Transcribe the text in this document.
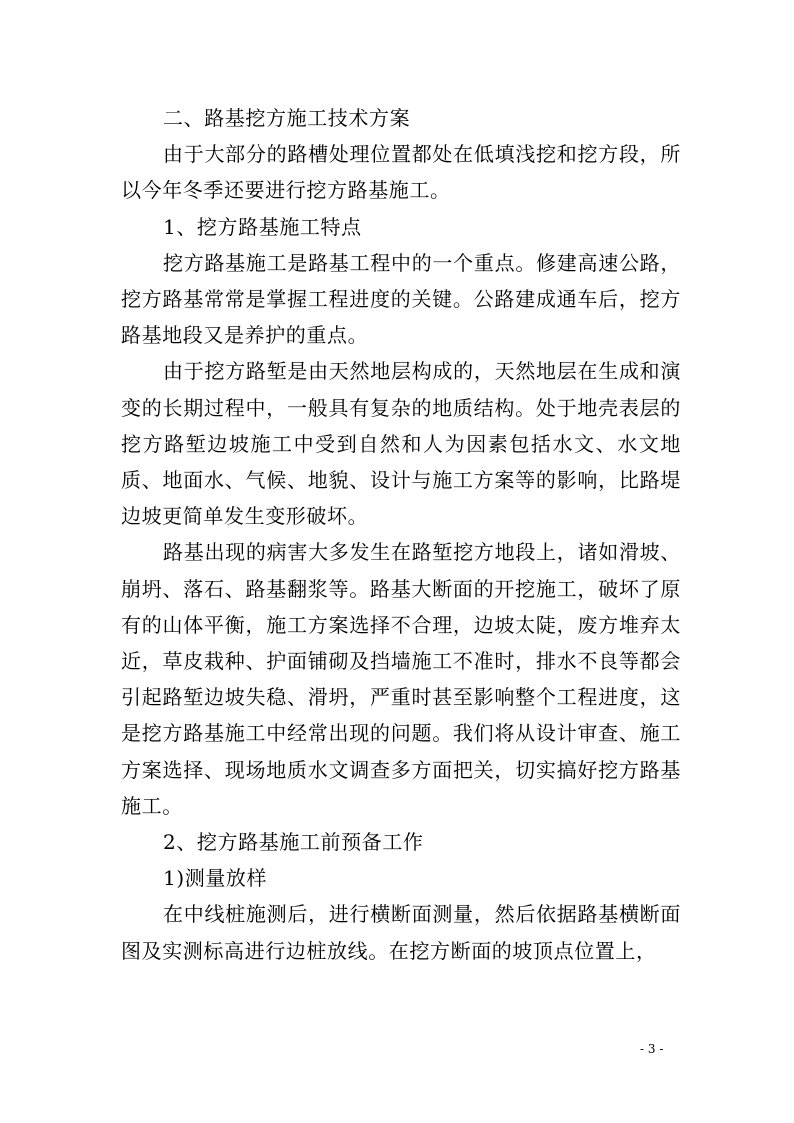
二、路基挖方施工技术方案

由于大部分的路槽处理位置都处在低填浅挖和挖方段，所以今年冬季还要进行挖方路基施工。

1、挖方路基施工特点

挖方路基施工是路基工程中的一个重点。修建高速公路，挖方路基常常是掌握工程进度的关键。公路建成通车后，挖方路基地段又是养护的重点。

由于挖方路堑是由天然地层构成的，天然地层在生成和演变的长期过程中，一般具有复杂的地质结构。处于地壳表层的挖方路堑边坡施工中受到自然和人为因素包括水文、水文地质、地面水、气候、地貌、设计与施工方案等的影响，比路堤边坡更简单发生变形破坏。

路基出现的病害大多发生在路堑挖方地段上，诸如滑坡、崩坍、落石、路基翻浆等。路基大断面的开挖施工，破坏了原有的山体平衡，施工方案选择不合理，边坡太陡，废方堆弃太近，草皮栽种、护面铺砌及挡墙施工不准时，排水不良等都会引起路堑边坡失稳、滑坍，严重时甚至影响整个工程进度，这是挖方路基施工中经常出现的问题。我们将从设计审查、施工方案选择、现场地质水文调查多方面把关，切实搞好挖方路基施工。

2、挖方路基施工前预备工作

1)测量放样

在中线桩施测后，进行横断面测量，然后依据路基横断面图及实测标高进行边桩放线。在挖方断面的坡顶点位置上，

- 3 -
